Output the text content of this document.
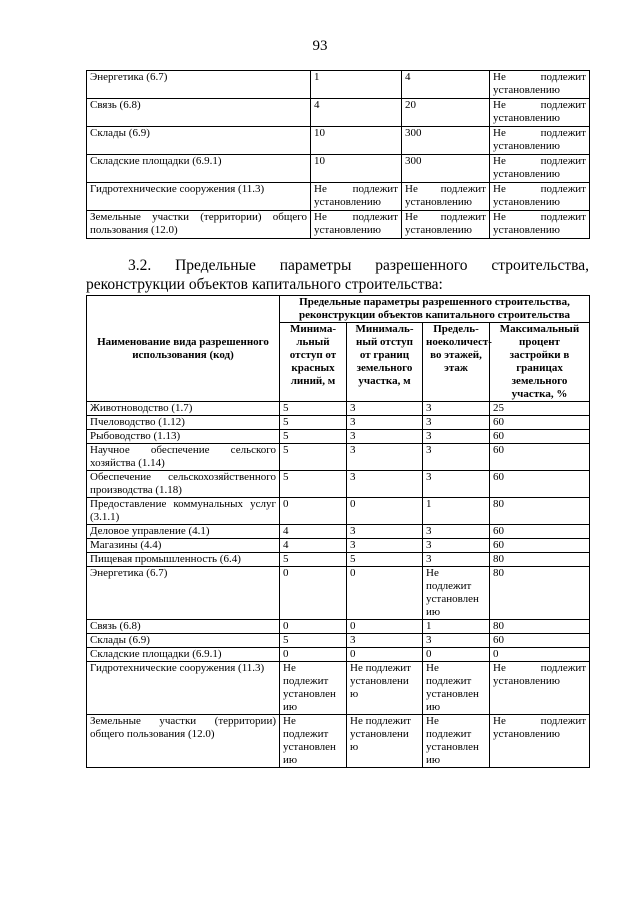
93
Энергетика (6.7)	1	4	Не подлежит установлению
Связь (6.8)	4	20	Не подлежит установлению
Склады (6.9)	10	300	Не подлежит установлению
Складские площадки (6.9.1)	10	300	Не подлежит установлению
Гидротехнические сооружения (11.3)	Не подлежит установлению	Не подлежит установлению	Не подлежит установлению
Земельные участки (территории) общего пользования (12.0)	Не подлежит установлению	Не подлежит установлению	Не подлежит установлению
3.2. Предельные параметры разрешенного строительства,
реконструкции объектов капитального строительства:
Наименование вида разрешенного использования (код)	Предельные параметры разрешенного строительства, реконструкции объектов капитального строительства			
	Минима-льный отступ от красных линий, м	Минималь-ный отступ от границ земельного участка, м	Предель-ноеколичест-во этажей, этаж	Максимальный процент застройки в границах земельного участка, %
Животноводство (1.7)	5	3	3	25
Пчеловодство (1.12)	5	3	3	60
Рыбоводство (1.13)	5	3	3	60
Научное обеспечение сельского хозяйства (1.14)	5	3	3	60
Обеспечение сельскохозяйственного производства (1.18)	5	3	3	60
Предоставление коммунальных услуг (3.1.1)	0	0	1	80
Деловое управление (4.1)	4	3	3	60
Магазины (4.4)	4	3	3	60
Пищевая промышленность (6.4)	5	5	3	80
Энергетика (6.7)	0	0	Не подлежит установлен ию	80
Связь (6.8)	0	0	1	80
Склады (6.9)	5	3	3	60
Складские площадки (6.9.1)	0	0	0	0
Гидротехнические сооружения (11.3)	Не подлежит установлен ию	Не подлежит установлени ю	Не подлежит установлен ию	Не подлежит установлению
Земельные участки (территории) общего пользования (12.0)	Не подлежит установлен ию	Не подлежит установлени ю	Не подлежит установлен ию	Не подлежит установлению
